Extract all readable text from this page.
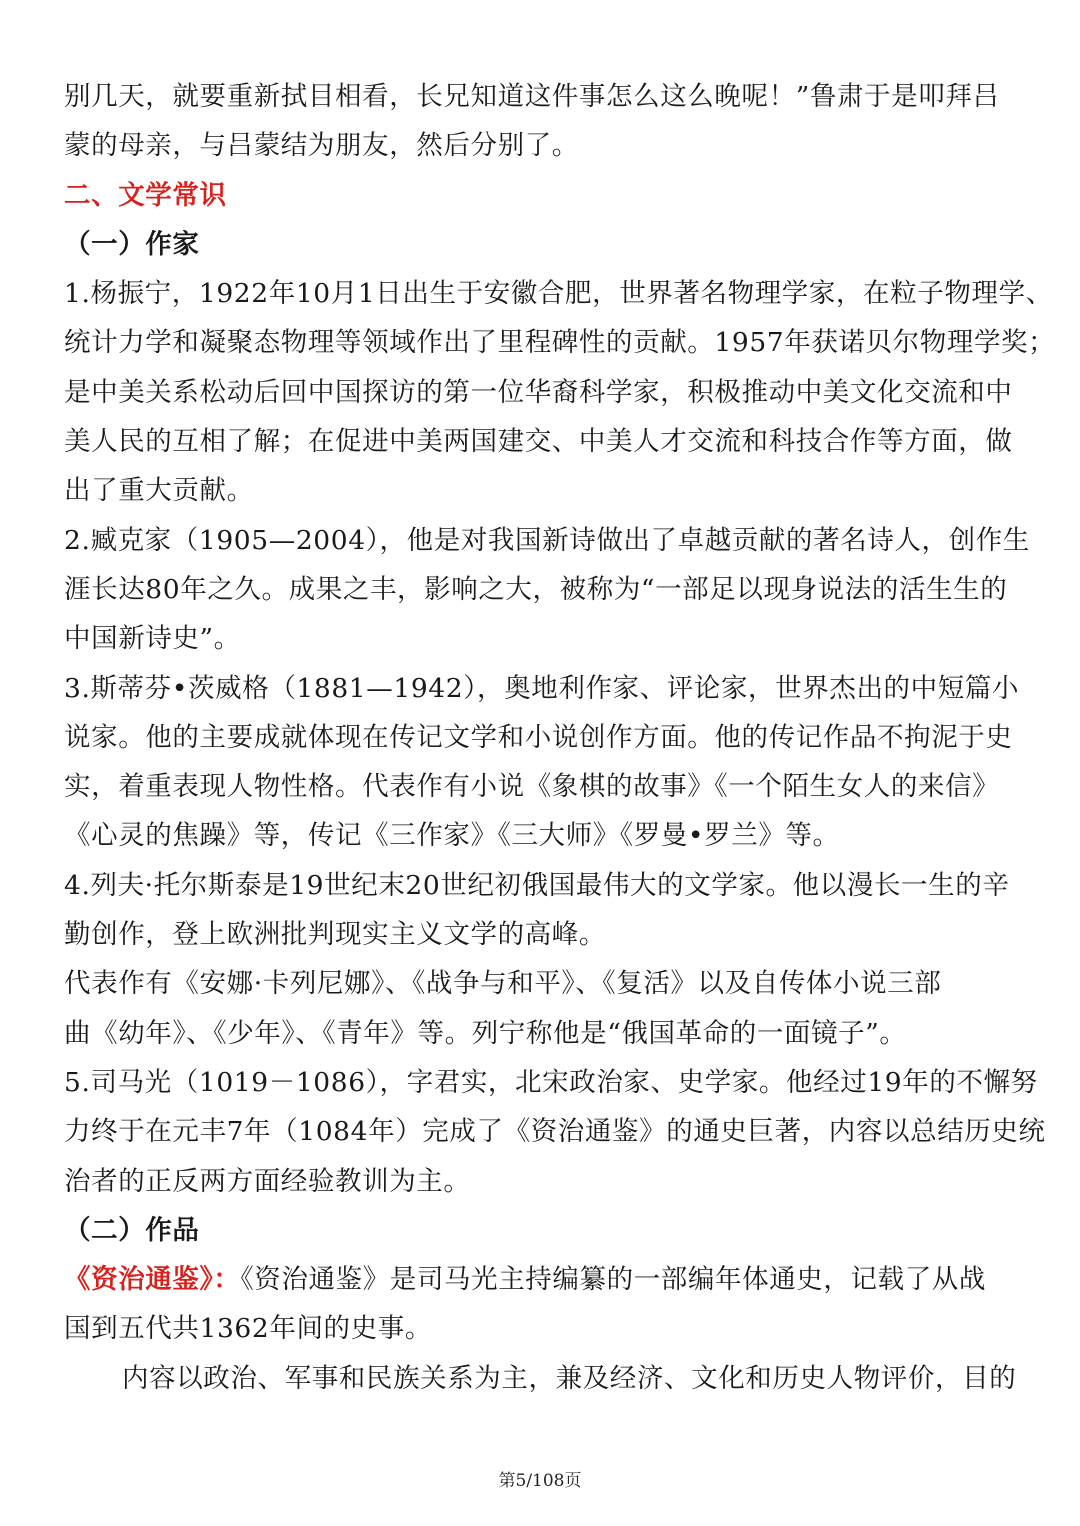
别几天，就要重新拭目相看，长兄知道这件事怎么这么晚呢！”鲁肃于是叩拜吕
蒙的母亲，与吕蒙结为朋友，然后分别了。
二、文学常识
（一）作家
1.杨振宁，1922年10月1日出生于安徽合肥，世界著名物理学家，在粒子物理学、
统计力学和凝聚态物理等领域作出了里程碑性的贡献。1957年获诺贝尔物理学奖；
是中美关系松动后回中国探访的第一位华裔科学家，积极推动中美文化交流和中
美人民的互相了解；在促进中美两国建交、中美人才交流和科技合作等方面，做
出了重大贡献。
2.臧克家（1905—2004），他是对我国新诗做出了卓越贡献的著名诗人，创作生
涯长达80年之久。成果之丰，影响之大，被称为“一部足以现身说法的活生生的
中国新诗史”。
3.斯蒂芬•茨威格（1881—1942），奥地利作家、评论家，世界杰出的中短篇小
说家。他的主要成就体现在传记文学和小说创作方面。他的传记作品不拘泥于史
实，着重表现人物性格。代表作有小说《象棋的故事》《一个陌生女人的来信》
《心灵的焦躁》等，传记《三作家》《三大师》《罗曼•罗兰》等。
4.列夫·托尔斯泰是19世纪末20世纪初俄国最伟大的文学家。他以漫长一生的辛
勤创作，登上欧洲批判现实主义文学的高峰。
代表作有《安娜·卡列尼娜》、《战争与和平》、《复活》以及自传体小说三部
曲《幼年》、《少年》、《青年》等。列宁称他是“俄国革命的一面镜子”。
5.司马光（1019－1086），字君实，北宋政治家、史学家。他经过19年的不懈努
力终于在元丰7年（1084年）完成了《资治通鉴》的通史巨著，内容以总结历史统
治者的正反两方面经验教训为主。
（二）作品
《资治通鉴》：《资治通鉴》是司马光主持编纂的一部编年体通史，记载了从战
国到五代共1362年间的史事。
内容以政治、军事和民族关系为主，兼及经济、文化和历史人物评价，目的
第5/108页
